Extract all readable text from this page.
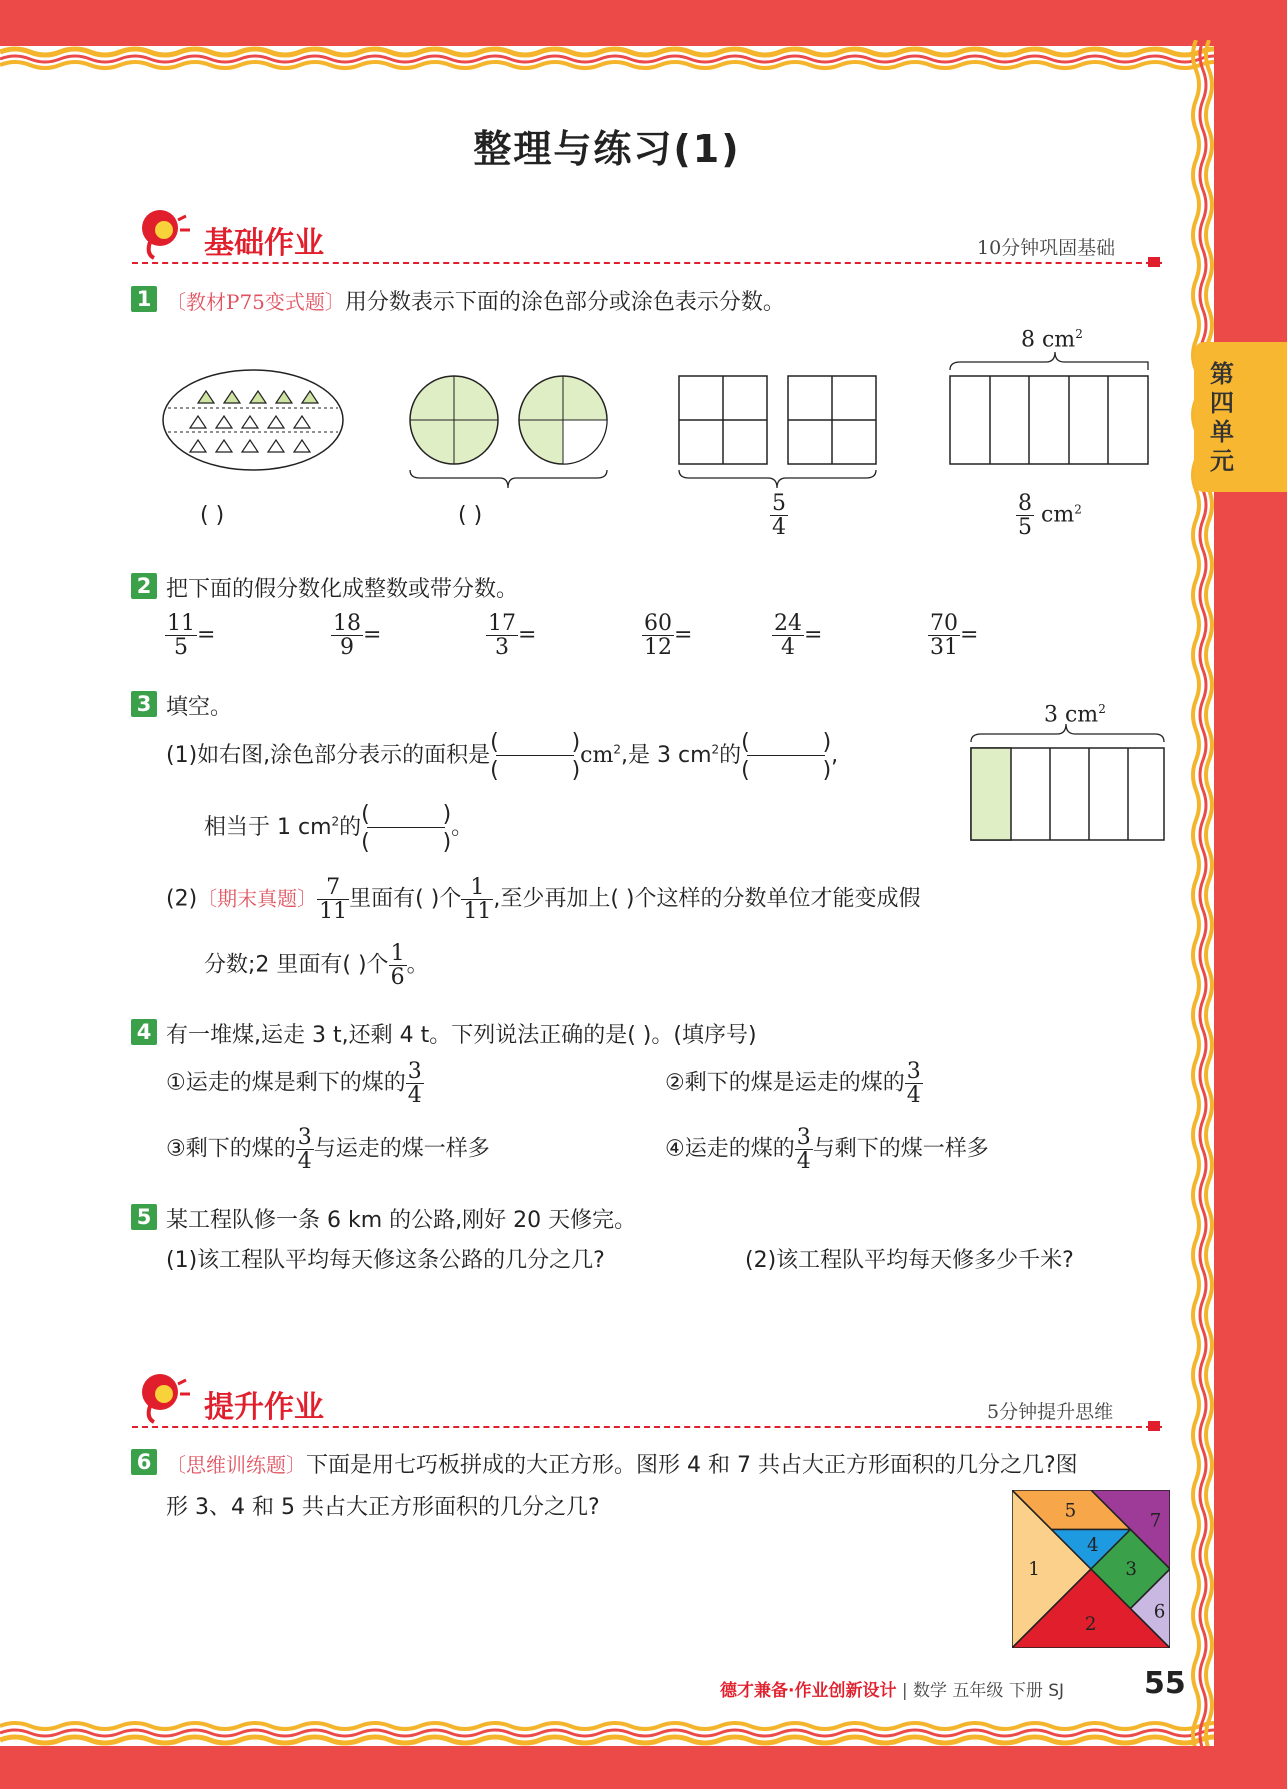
第四单元
整理与练习(1)
基础作业	10分钟巩固基础
1 〔教材P75变式题〕用分数表示下面的涂色部分或涂色表示分数。
8 $cm^2$
( )	( )	$\frac{5}{4}$	$\frac{8}{5} cm^2$
2 把下面的假分数化成整数或带分数。
$\frac{11}{5}$ =	$\frac{18}{9}$ =	$\frac{17}{3}$ =	$\frac{60}{12}$ =	$\frac{24}{4}$ =	$\frac{70}{31}$ =
3 填空。
(1)如右图,涂色部分表示的面积是
(	)
(	)
$cm^2$,是 3 $cm^2$的
(	)
(	)
,
相当于 1 $cm^2$的
(	)
(	)
。
3 $cm^2$
(2)〔期末真题〕 $\frac{7}{11}$ 里面有( )个 $\frac{1}{11}$ ,至少再加上( )个这样的分数单位才能变成假
分数;2 里面有( )个 $\frac{1}{6}$ 。
4 有一堆煤,运走 3 t,还剩 4 t。下列说法正确的是( )。(填序号)
①运走的煤是剩下的煤的 $\frac{3}{4}$	②剩下的煤是运走的煤的 $\frac{3}{4}$
③剩下的煤的 $\frac{3}{4}$ 与运走的煤一样多	④运走的煤的 $\frac{3}{4}$ 与剩下的煤一样多
5 某工程队修一条 6 km 的公路,刚好 20 天修完。
(1)该工程队平均每天修这条公路的几分之几?	(2)该工程队平均每天修多少千米?
提升作业	5分钟提升思维
6 〔思维训练题〕下面是用七巧板拼成的大正方形。图形 4 和 7 共占大正方形面积的几分之几?图
形 3、4 和 5 共占大正方形面积的几分之几?
1
2
3
4
5
6
7
德才兼备·作业创新设计 | 数学 五年级 下册 SJ	55
